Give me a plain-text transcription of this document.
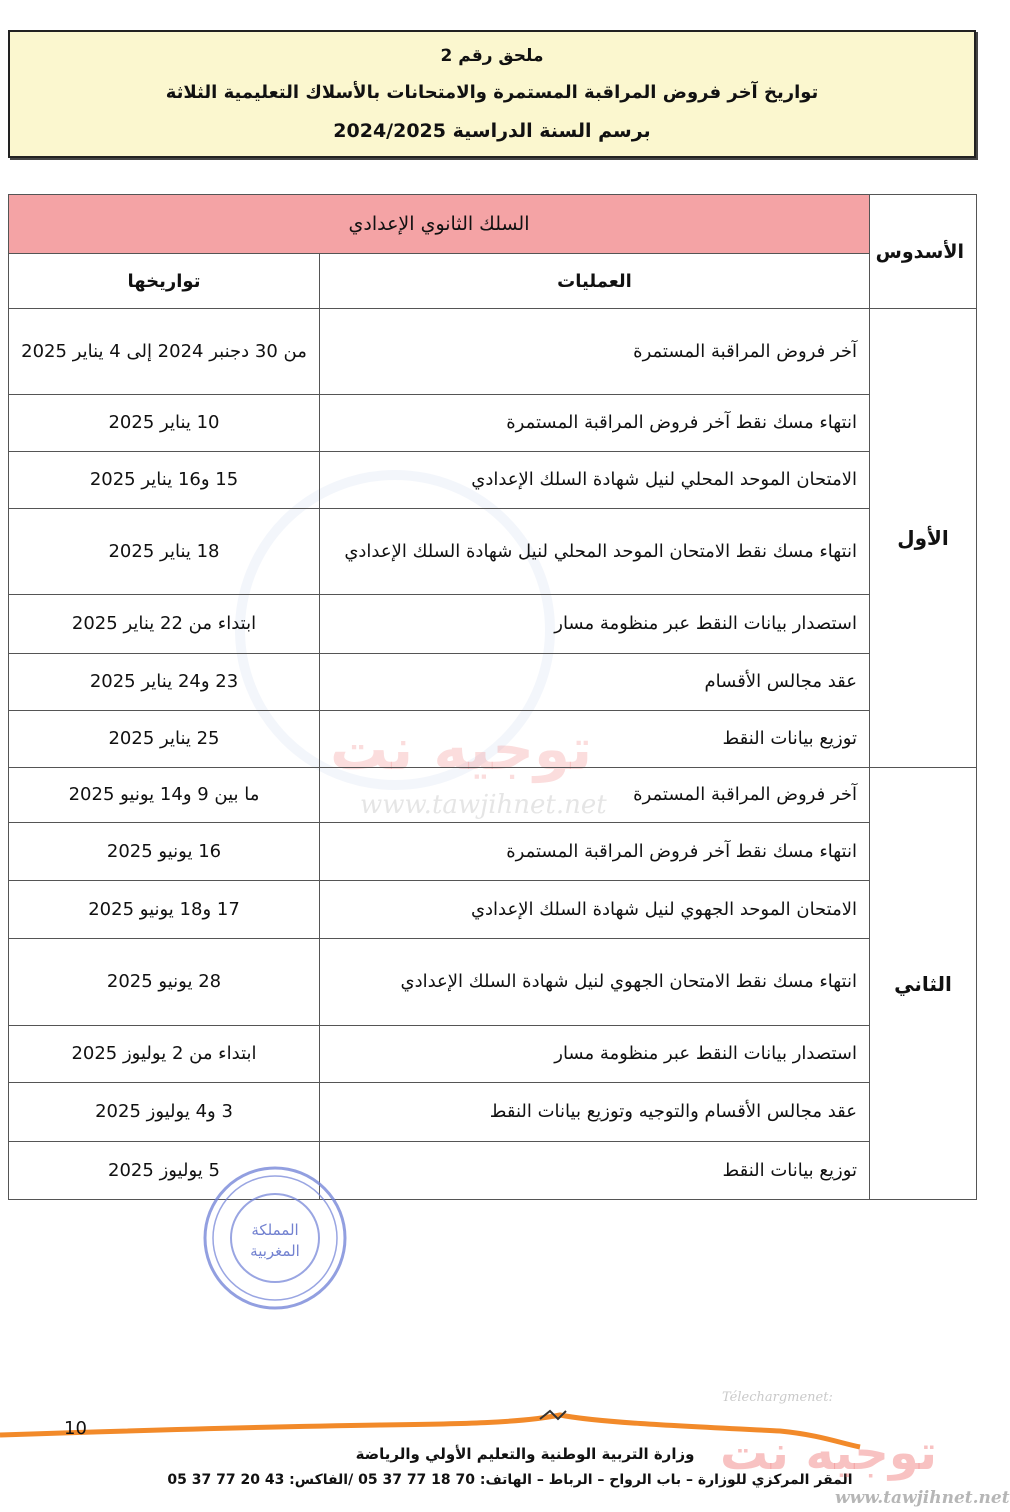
ملحق رقم 2
تواريخ آخر فروض المراقبة المستمرة والامتحانات بالأسلاك التعليمية الثلاثة
برسم السنة الدراسية 2024/2025
توجيه نت
www.tawjihnet.net
الأسدوس	السلك الثانوي الإعدادي	
	العمليات	تواريخها
الأول	آخر فروض المراقبة المستمرة	من 30 دجنبر 2024 إلى 4 يناير 2025
	انتهاء مسك نقط آخر فروض المراقبة المستمرة	10 يناير 2025
	الامتحان الموحد المحلي لنيل شهادة السلك الإعدادي	15 و16 يناير 2025
	انتهاء مسك نقط الامتحان الموحد المحلي لنيل شهادة السلك الإعدادي	18 يناير 2025
	استصدار بيانات النقط عبر منظومة مسار	ابتداء من 22 يناير 2025
	عقد مجالس الأقسام	23 و24 يناير 2025
	توزيع بيانات النقط	25 يناير 2025
الثاني	آخر فروض المراقبة المستمرة	ما بين 9 و14 يونيو 2025
	انتهاء مسك نقط آخر فروض المراقبة المستمرة	16 يونيو 2025
	الامتحان الموحد الجهوي لنيل شهادة السلك الإعدادي	17 و18 يونيو 2025
	انتهاء مسك نقط الامتحان الجهوي لنيل شهادة السلك الإعدادي	28 يونيو 2025
	استصدار بيانات النقط عبر منظومة مسار	ابتداء من 2 يوليوز 2025
	عقد مجالس الأقسام والتوجيه وتوزيع بيانات النقط	3 و4 يوليوز 2025
	توزيع بيانات النقط	5 يوليوز 2025
المملكة
المغربية
10
وزارة التربية الوطنية والتعليم الأولي والرياضة
المقر المركزي للوزارة – باب الرواح – الرباط – الهاتف: 70 18 77 37 05 /الفاكس: 43 20 77 37 05
Télechargmenet:
توجيه نت
www.tawjihnet.net
